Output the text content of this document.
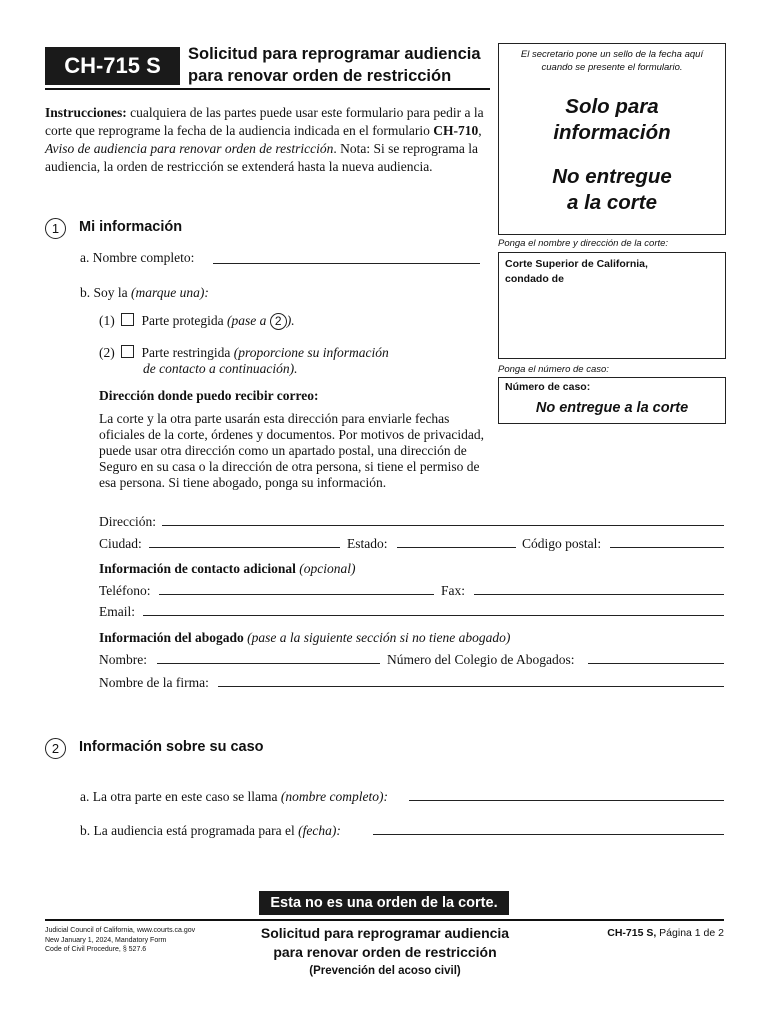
CH-715 S	Solicitud para reprogramar audiencia
para renovar orden de restricción
El secretario pone un sello de la fecha aquí
cuando se presente el formulario.
Solo para
información
No entregue
a la corte
Ponga el nombre y dirección de la corte:
Corte Superior de California,
condado de
Ponga el número de caso:
Número de caso:
No entregue a la corte
Instrucciones: cualquiera de las partes puede usar este formulario para pedir a la corte que reprograme la fecha de la audiencia indicada en el formulario CH-710, Aviso de audiencia para renovar orden de restricción. Nota: Si se reprograma la audiencia, la orden de restricción se extenderá hasta la nueva audiencia.
1 Mi información
a. Nombre completo:
b. Soy la (marque una):
(1) Parte protegida (pase a 2 ).
(2) Parte restringida (proporcione su información
de contacto a continuación).
Dirección donde puedo recibir correo:
La corte y la otra parte usarán esta dirección para enviarle fechas oficiales de la corte, órdenes y documentos. Por motivos de privacidad, puede usar otra dirección como un apartado postal, una dirección de Seguro en su casa o la dirección de otra persona, si tiene el permiso de esa persona. Si tiene abogado, ponga su información.
Dirección:
Ciudad:	Estado:	Código postal:
Información de contacto adicional (opcional)
Teléfono:	Fax:
Email:
Información del abogado (pase a la siguiente sección si no tiene abogado)
Nombre:	Número del Colegio de Abogados:
Nombre de la firma:
2 Información sobre su caso
a. La otra parte en este caso se llama (nombre completo):
b. La audiencia está programada para el (fecha):
Esta no es una orden de la corte.
Judicial Council of California, www.courts.ca.gov
New January 1, 2024, Mandatory Form
Code of Civil Procedure, § 527.6
Solicitud para reprogramar audiencia
para renovar orden de restricción
(Prevención del acoso civil)
CH-715 S, Página 1 de 2
